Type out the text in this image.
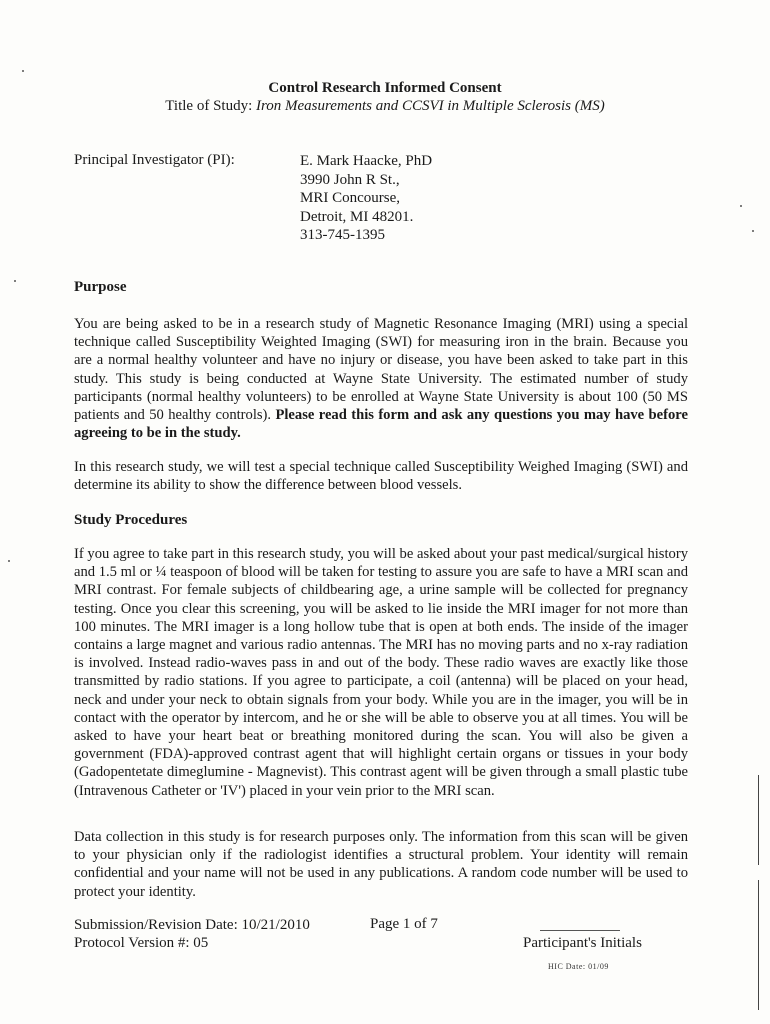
Control Research Informed Consent
Title of Study: Iron Measurements and CCSVI in Multiple Sclerosis (MS)
Principal Investigator (PI):	E. Mark Haacke, PhD
3990 John R St.,
MRI Concourse,
Detroit, MI 48201.
313-745-1395
Purpose
You are being asked to be in a research study of Magnetic Resonance Imaging (MRI) using a special technique called Susceptibility Weighted Imaging (SWI) for measuring iron in the brain. Because you are a normal healthy volunteer and have no injury or disease, you have been asked to take part in this study. This study is being conducted at Wayne State University. The estimated number of study participants (normal healthy volunteers) to be enrolled at Wayne State University is about 100 (50 MS patients and 50 healthy controls). Please read this form and ask any questions you may have before agreeing to be in the study.
In this research study, we will test a special technique called Susceptibility Weighed Imaging (SWI) and determine its ability to show the difference between blood vessels.
Study Procedures
If you agree to take part in this research study, you will be asked about your past medical/surgical history and 1.5 ml or ¼ teaspoon of blood will be taken for testing to assure you are safe to have a MRI scan and MRI contrast. For female subjects of childbearing age, a urine sample will be collected for pregnancy testing. Once you clear this screening, you will be asked to lie inside the MRI imager for not more than 100 minutes. The MRI imager is a long hollow tube that is open at both ends. The inside of the imager contains a large magnet and various radio antennas. The MRI has no moving parts and no x-ray radiation is involved. Instead radio-waves pass in and out of the body. These radio waves are exactly like those transmitted by radio stations. If you agree to participate, a coil (antenna) will be placed on your head, neck and under your neck to obtain signals from your body. While you are in the imager, you will be in contact with the operator by intercom, and he or she will be able to observe you at all times. You will be asked to have your heart beat or breathing monitored during the scan. You will also be given a government (FDA)-approved contrast agent that will highlight certain organs or tissues in your body (Gadopentetate dimeglumine - Magnevist). This contrast agent will be given through a small plastic tube (Intravenous Catheter or 'IV') placed in your vein prior to the MRI scan.
Data collection in this study is for research purposes only. The information from this scan will be given to your physician only if the radiologist identifies a structural problem. Your identity will remain confidential and your name will not be used in any publications. A random code number will be used to protect your identity.
Submission/Revision Date: 10/21/2010
Protocol Version #: 05
Page 1 of 7
Participant's Initials
HIC Date: 01/09
